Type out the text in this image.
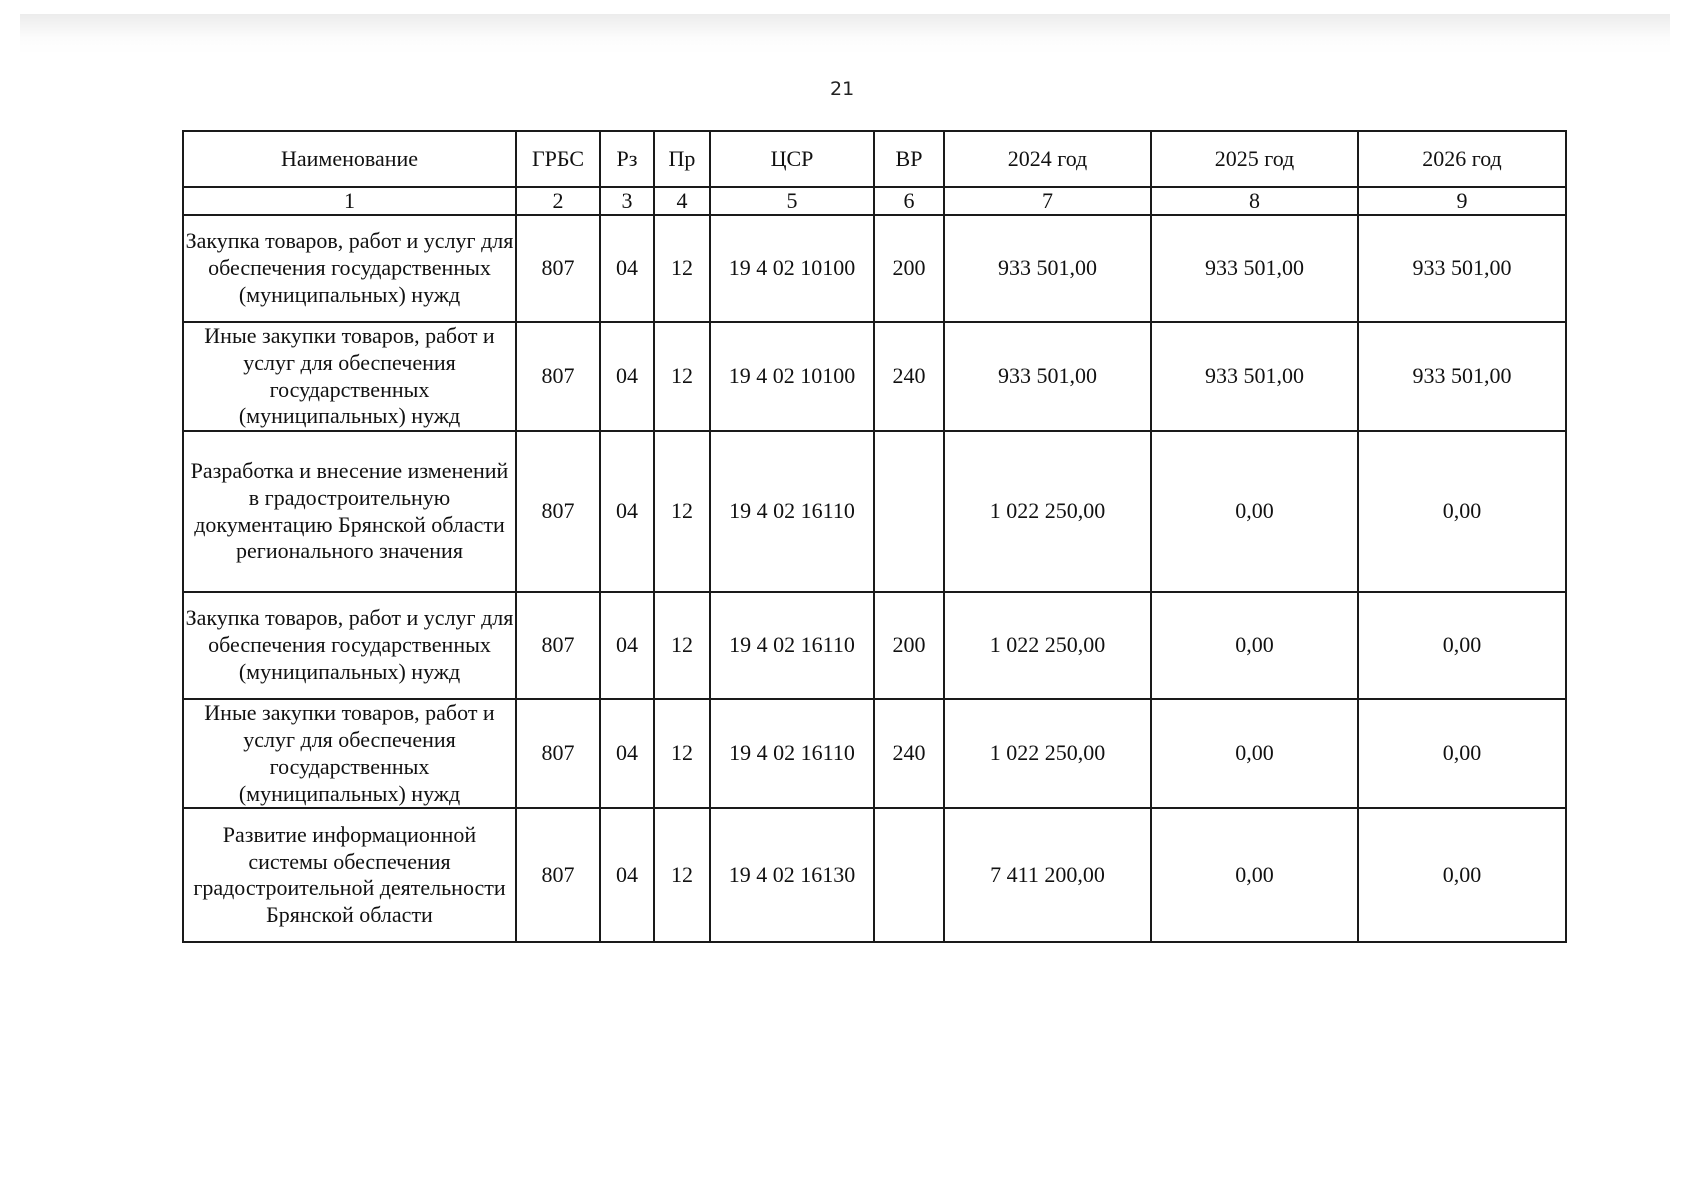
21
Наименование	ГРБС	Рз	Пр	ЦСР	ВР	2024 год	2025 год	2026 год
1	2	3	4	5	6	7	8	9
Закупка товаров, работ и услуг для обеспечения государственных (муниципальных) нужд	807	04	12	19 4 02 10100	200	933 501,00	933 501,00	933 501,00
Иные закупки товаров, работ и услуг для обеспечения государственных (муниципальных) нужд	807	04	12	19 4 02 10100	240	933 501,00	933 501,00	933 501,00
Разработка и внесение изменений в градостроительную документацию Брянской области регионального значения	807	04	12	19 4 02 16110		1 022 250,00	0,00	0,00
Закупка товаров, работ и услуг для обеспечения государственных (муниципальных) нужд	807	04	12	19 4 02 16110	200	1 022 250,00	0,00	0,00
Иные закупки товаров, работ и услуг для обеспечения государственных (муниципальных) нужд	807	04	12	19 4 02 16110	240	1 022 250,00	0,00	0,00
Развитие информационной системы обеспечения градостроительной деятельности Брянской области	807	04	12	19 4 02 16130		7 411 200,00	0,00	0,00
